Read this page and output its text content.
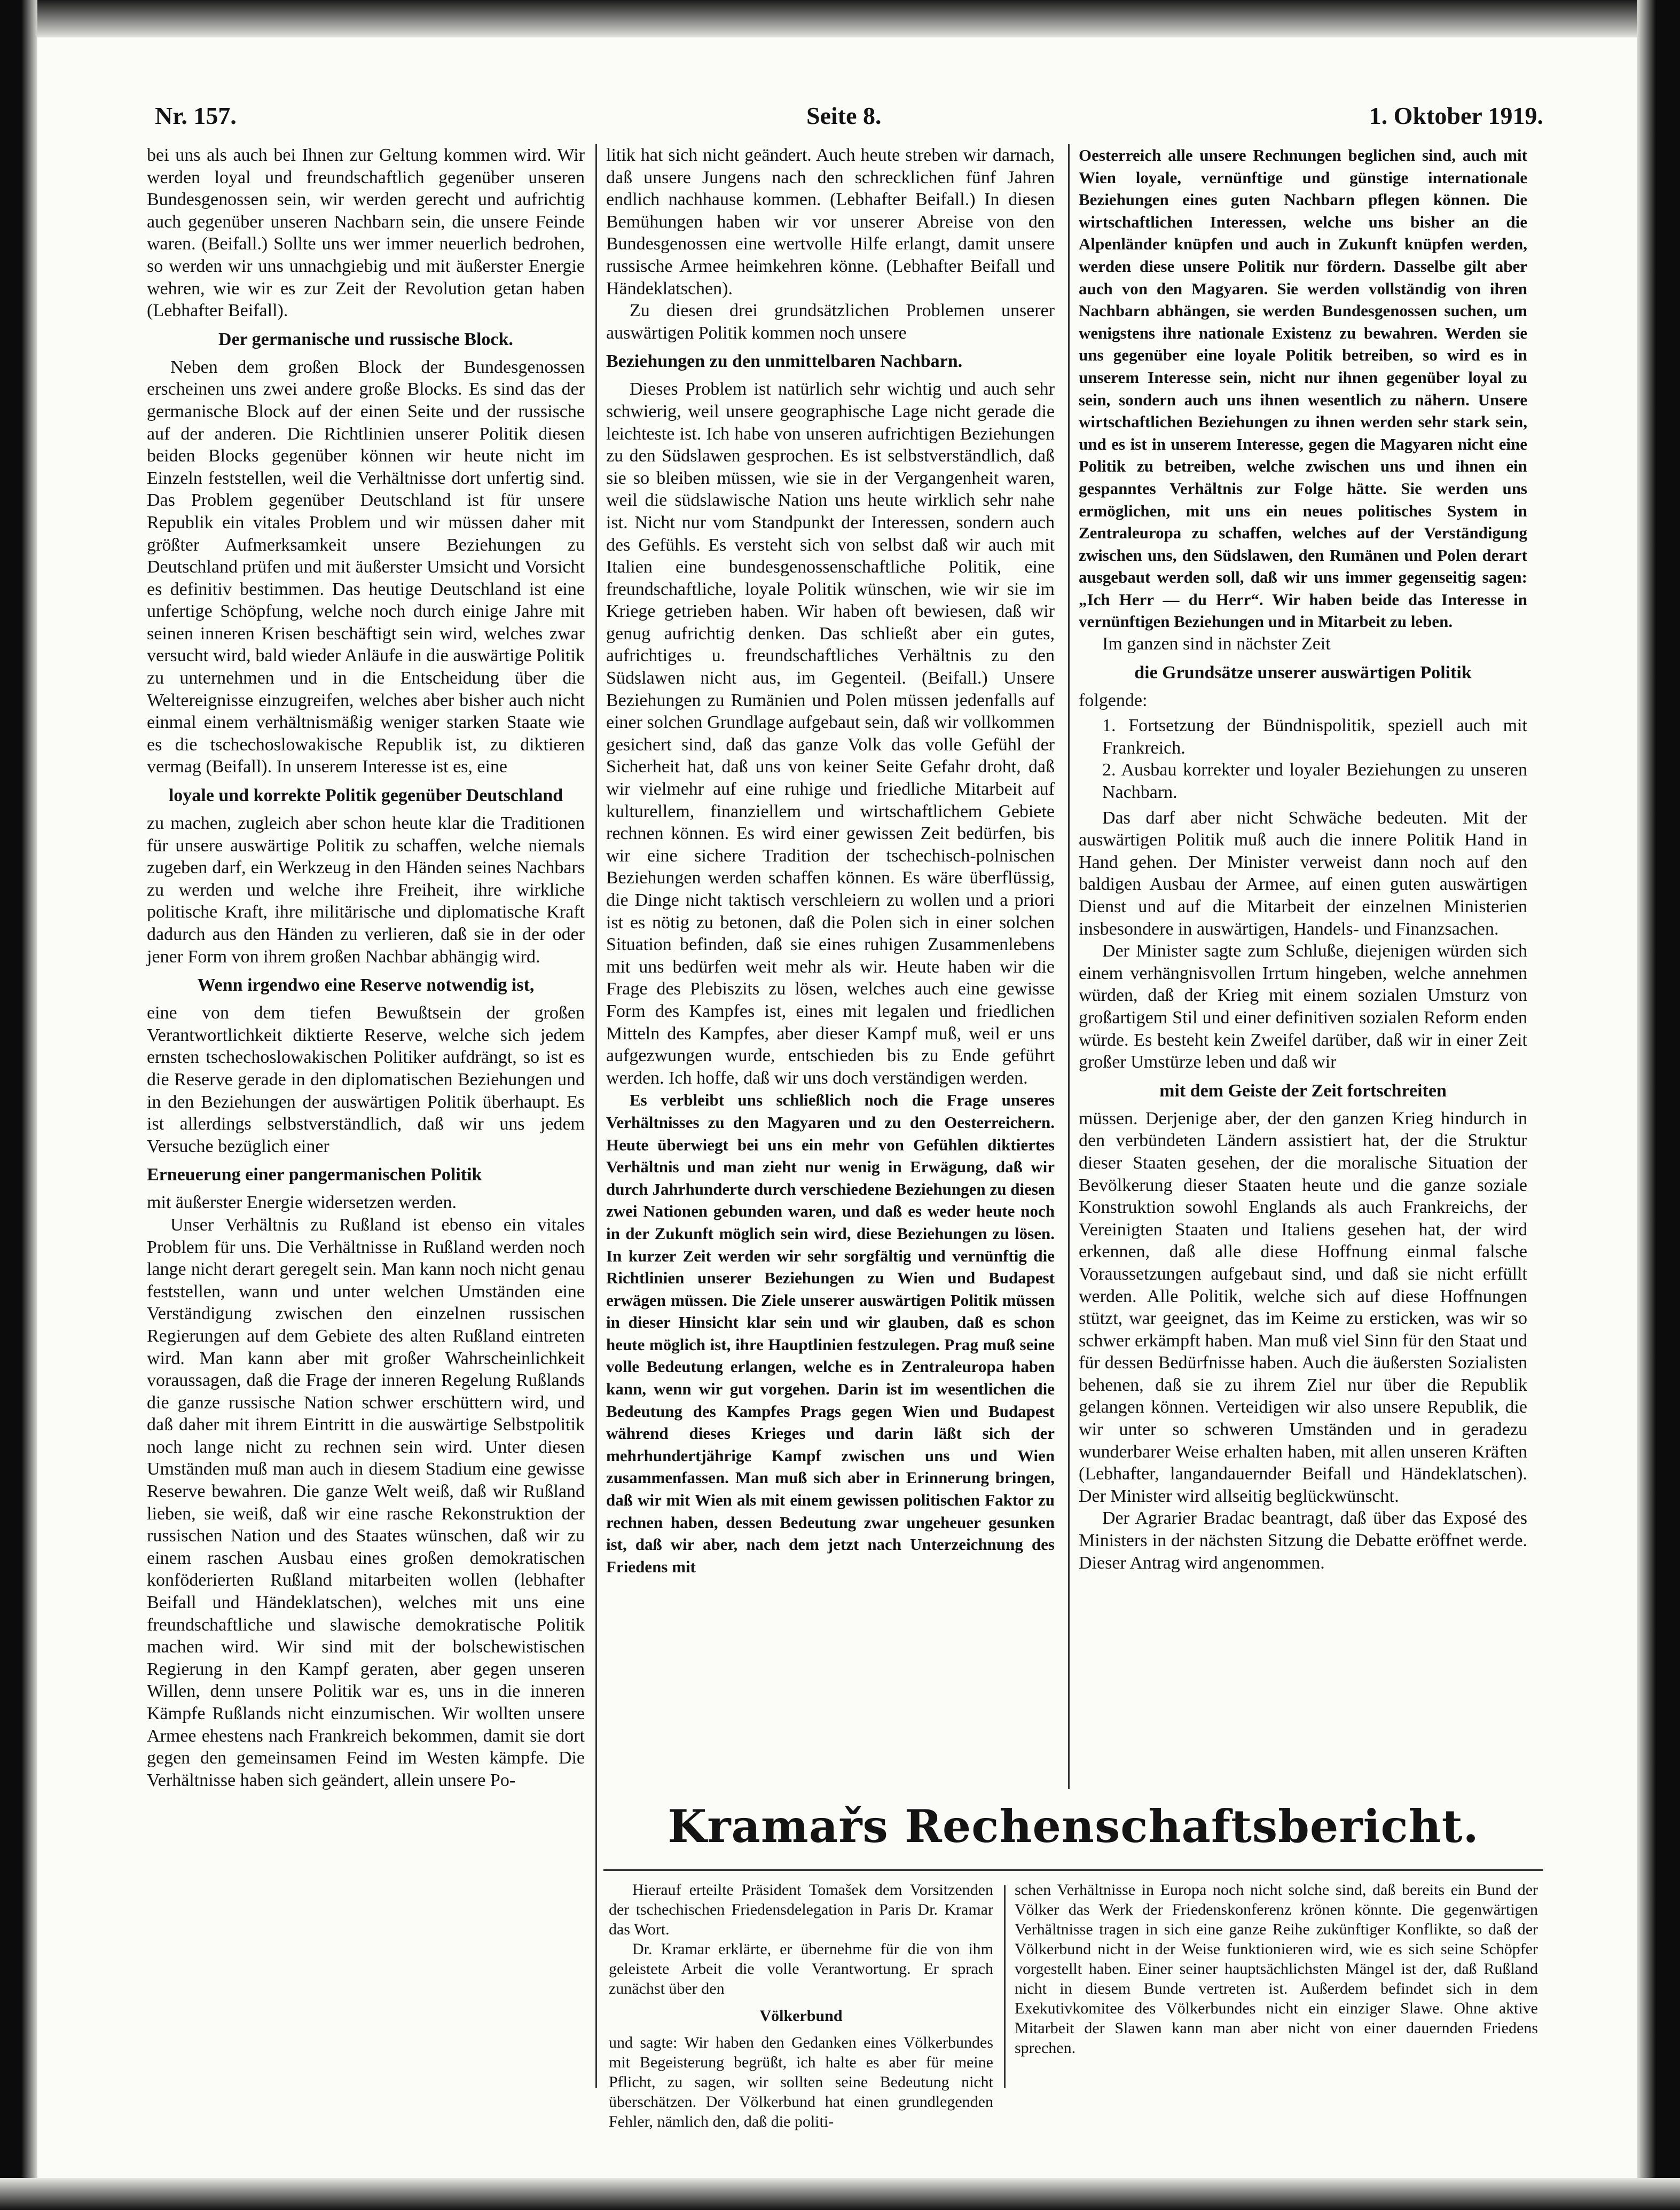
Nr. 157.	Seite 8.	1. Oktober 1919.

bei uns als auch bei Ihnen zur Geltung kommen wird. Wir werden loyal und freundschaftlich gegenüber unseren Bundesgenossen sein, wir werden gerecht und aufrichtig auch gegenüber unseren Nachbarn sein, die unsere Feinde waren. (Beifall.) Sollte uns wer immer neuerlich bedrohen, so werden wir uns unnachgiebig und mit äußerster Energie wehren, wie wir es zur Zeit der Revolution getan haben (Lebhafter Beifall).

Der germanische und russische Block.

Neben dem großen Block der Bundesgenossen erscheinen uns zwei andere große Blocks. Es sind das der germanische Block auf der einen Seite und der russische auf der anderen. Die Richtlinien unserer Politik diesen beiden Blocks gegenüber können wir heute nicht im Einzeln feststellen, weil die Verhältnisse dort unfertig sind. Das Problem gegenüber Deutschland ist für unsere Republik ein vitales Problem und wir müssen daher mit größter Aufmerksamkeit unsere Beziehungen zu Deutschland prüfen und mit äußerster Umsicht und Vorsicht es definitiv bestimmen. Das heutige Deutschland ist eine unfertige Schöpfung, welche noch durch einige Jahre mit seinen inneren Krisen beschäftigt sein wird, welches zwar versucht wird, bald wieder Anläufe in die auswärtige Politik zu unternehmen und in die Entscheidung über die Weltereignisse einzugreifen, welches aber bisher auch nicht einmal einem verhältnismäßig weniger starken Staate wie es die tschechoslowakische Republik ist, zu diktieren vermag (Beifall). In unserem Interesse ist es, eine

loyale und korrekte Politik gegenüber Deutschland

zu machen, zugleich aber schon heute klar die Traditionen für unsere auswärtige Politik zu schaffen, welche niemals zugeben darf, ein Werkzeug in den Händen seines Nachbars zu werden und welche ihre Freiheit, ihre wirkliche politische Kraft, ihre militärische und diplomatische Kraft dadurch aus den Händen zu verlieren, daß sie in der oder jener Form von ihrem großen Nachbar abhängig wird.

Wenn irgendwo eine Reserve notwendig ist,

eine von dem tiefen Bewußtsein der großen Verantwortlichkeit diktierte Reserve, welche sich jedem ernsten tschechoslowakischen Politiker aufdrängt, so ist es die Reserve gerade in den diplomatischen Beziehungen und in den Beziehungen der auswärtigen Politik überhaupt. Es ist allerdings selbstverständlich, daß wir uns jedem Versuche bezüglich einer

Erneuerung einer pangermanischen Politik

mit äußerster Energie widersetzen werden.

Unser Verhältnis zu Rußland ist ebenso ein vitales Problem für uns. Die Verhältnisse in Rußland werden noch lange nicht derart geregelt sein. Man kann noch nicht genau feststellen, wann und unter welchen Umständen eine Verständigung zwischen den einzelnen russischen Regierungen auf dem Gebiete des alten Rußland eintreten wird. Man kann aber mit großer Wahrscheinlichkeit voraussagen, daß die Frage der inneren Regelung Rußlands die ganze russische Nation schwer erschüttern wird, und daß daher mit ihrem Eintritt in die auswärtige Selbstpolitik noch lange nicht zu rechnen sein wird. Unter diesen Umständen muß man auch in diesem Stadium eine gewisse Reserve bewahren. Die ganze Welt weiß, daß wir Rußland lieben, sie weiß, daß wir eine rasche Rekonstruktion der russischen Nation und des Staates wünschen, daß wir zu einem raschen Ausbau eines großen demokratischen konföderierten Rußland mitarbeiten wollen (lebhafter Beifall und Händeklatschen), welches mit uns eine freundschaftliche und slawische demokratische Politik machen wird. Wir sind mit der bolschewistischen Regierung in den Kampf geraten, aber gegen unseren Willen, denn unsere Politik war es, uns in die inneren Kämpfe Rußlands nicht einzumischen. Wir wollten unsere Armee ehestens nach Frankreich bekommen, damit sie dort gegen den gemeinsamen Feind im Westen kämpfe. Die Verhältnisse haben sich geändert, allein unsere Po-

litik hat sich nicht geändert. Auch heute streben wir darnach, daß unsere Jungens nach den schrecklichen fünf Jahren endlich nachhause kommen. (Lebhafter Beifall.) In diesen Bemühungen haben wir vor unserer Abreise von den Bundesgenossen eine wertvolle Hilfe erlangt, damit unsere russische Armee heimkehren könne. (Lebhafter Beifall und Händeklatschen).

Zu diesen drei grundsätzlichen Problemen unserer auswärtigen Politik kommen noch unsere

Beziehungen zu den unmittelbaren Nachbarn.

Dieses Problem ist natürlich sehr wichtig und auch sehr schwierig, weil unsere geographische Lage nicht gerade die leichteste ist. Ich habe von unseren aufrichtigen Beziehungen zu den Südslawen gesprochen. Es ist selbstverständlich, daß sie so bleiben müssen, wie sie in der Vergangenheit waren, weil die südslawische Nation uns heute wirklich sehr nahe ist. Nicht nur vom Standpunkt der Interessen, sondern auch des Gefühls. Es versteht sich von selbst daß wir auch mit Italien eine bundesgenossenschaftliche Politik, eine freundschaftliche, loyale Politik wünschen, wie wir sie im Kriege getrieben haben. Wir haben oft bewiesen, daß wir genug aufrichtig denken. Das schließt aber ein gutes, aufrichtiges u. freundschaftliches Verhältnis zu den Südslawen nicht aus, im Gegenteil. (Beifall.) Unsere Beziehungen zu Rumänien und Polen müssen jedenfalls auf einer solchen Grundlage aufgebaut sein, daß wir vollkommen gesichert sind, daß das ganze Volk das volle Gefühl der Sicherheit hat, daß uns von keiner Seite Gefahr droht, daß wir vielmehr auf eine ruhige und friedliche Mitarbeit auf kulturellem, finanziellem und wirtschaftlichem Gebiete rechnen können. Es wird einer gewissen Zeit bedürfen, bis wir eine sichere Tradition der tschechisch-polnischen Beziehungen werden schaffen können. Es wäre überflüssig, die Dinge nicht taktisch verschleiern zu wollen und a priori ist es nötig zu betonen, daß die Polen sich in einer solchen Situation befinden, daß sie eines ruhigen Zusammenlebens mit uns bedürfen weit mehr als wir. Heute haben wir die Frage des Plebiszits zu lösen, welches auch eine gewisse Form des Kampfes ist, eines mit legalen und friedlichen Mitteln des Kampfes, aber dieser Kampf muß, weil er uns aufgezwungen wurde, entschieden bis zu Ende geführt werden. Ich hoffe, daß wir uns doch verständigen werden.

Es verbleibt uns schließlich noch die Frage unseres Verhältnisses zu den Magyaren und zu den Oesterreichern. Heute überwiegt bei uns ein mehr von Gefühlen diktiertes Verhältnis und man zieht nur wenig in Erwägung, daß wir durch Jahrhunderte durch verschiedene Beziehungen zu diesen zwei Nationen gebunden waren, und daß es weder heute noch in der Zukunft möglich sein wird, diese Beziehungen zu lösen. In kurzer Zeit werden wir sehr sorgfältig und vernünftig die Richtlinien unserer Beziehungen zu Wien und Budapest erwägen müssen. Die Ziele unserer auswärtigen Politik müssen in dieser Hinsicht klar sein und wir glauben, daß es schon heute möglich ist, ihre Hauptlinien festzulegen. Prag muß seine volle Bedeutung erlangen, welche es in Zentraleuropa haben kann, wenn wir gut vorgehen. Darin ist im wesentlichen die Bedeutung des Kampfes Prags gegen Wien und Budapest während dieses Krieges und darin läßt sich der mehrhundertjährige Kampf zwischen uns und Wien zusammenfassen. Man muß sich aber in Erinnerung bringen, daß wir mit Wien als mit einem gewissen politischen Faktor zu rechnen haben, dessen Bedeutung zwar ungeheuer gesunken ist, daß wir aber, nach dem jetzt nach Unterzeichnung des Friedens mit

Oesterreich alle unsere Rechnungen beglichen sind, auch mit Wien loyale, vernünftige und günstige internationale Beziehungen eines guten Nachbarn pflegen können. Die wirtschaftlichen Interessen, welche uns bisher an die Alpenländer knüpfen und auch in Zukunft knüpfen werden, werden diese unsere Politik nur fördern. Dasselbe gilt aber auch von den Magyaren. Sie werden vollständig von ihren Nachbarn abhängen, sie werden Bundesgenossen suchen, um wenigstens ihre nationale Existenz zu bewahren. Werden sie uns gegenüber eine loyale Politik betreiben, so wird es in unserem Interesse sein, nicht nur ihnen gegenüber loyal zu sein, sondern auch uns ihnen wesentlich zu nähern. Unsere wirtschaftlichen Beziehungen zu ihnen werden sehr stark sein, und es ist in unserem Interesse, gegen die Magyaren nicht eine Politik zu betreiben, welche zwischen uns und ihnen ein gespanntes Verhältnis zur Folge hätte. Sie werden uns ermöglichen, mit uns ein neues politisches System in Zentraleuropa zu schaffen, welches auf der Verständigung zwischen uns, den Südslawen, den Rumänen und Polen derart ausgebaut werden soll, daß wir uns immer gegenseitig sagen: „Ich Herr — du Herr“. Wir haben beide das Interesse in vernünftigen Beziehungen und in Mitarbeit zu leben.

Im ganzen sind in nächster Zeit

die Grundsätze unserer auswärtigen Politik

folgende:

1. Fortsetzung der Bündnispolitik, speziell auch mit Frankreich.
2. Ausbau korrekter und loyaler Beziehungen zu unseren Nachbarn.

Das darf aber nicht Schwäche bedeuten. Mit der auswärtigen Politik muß auch die innere Politik Hand in Hand gehen. Der Minister verweist dann noch auf den baldigen Ausbau der Armee, auf einen guten auswärtigen Dienst und auf die Mitarbeit der einzelnen Ministerien insbesondere in auswärtigen, Handels- und Finanzsachen.

Der Minister sagte zum Schluße, diejenigen würden sich einem verhängnisvollen Irrtum hingeben, welche annehmen würden, daß der Krieg mit einem sozialen Umsturz von großartigem Stil und einer definitiven sozialen Reform enden würde. Es besteht kein Zweifel darüber, daß wir in einer Zeit großer Umstürze leben und daß wir

mit dem Geiste der Zeit fortschreiten

müssen. Derjenige aber, der den ganzen Krieg hindurch in den verbündeten Ländern assistiert hat, der die Struktur dieser Staaten gesehen, der die moralische Situation der Bevölkerung dieser Staaten heute und die ganze soziale Konstruktion sowohl Englands als auch Frankreichs, der Vereinigten Staaten und Italiens gesehen hat, der wird erkennen, daß alle diese Hoffnung einmal falsche Voraussetzungen aufgebaut sind, und daß sie nicht erfüllt werden. Alle Politik, welche sich auf diese Hoffnungen stützt, war geeignet, das im Keime zu ersticken, was wir so schwer erkämpft haben. Man muß viel Sinn für den Staat und für dessen Bedürfnisse haben. Auch die äußersten Sozialisten behenen, daß sie zu ihrem Ziel nur über die Republik gelangen können. Verteidigen wir also unsere Republik, die wir unter so schweren Umständen und in geradezu wunderbarer Weise erhalten haben, mit allen unseren Kräften (Lebhafter, langandauernder Beifall und Händeklatschen). Der Minister wird allseitig beglückwünscht.

Der Agrarier Bradac beantragt, daß über das Exposé des Ministers in der nächsten Sitzung die Debatte eröffnet werde. Dieser Antrag wird angenommen.

Kramařs Rechenschaftsbericht.

Hierauf erteilte Präsident Tomašek dem Vorsitzenden der tschechischen Friedensdelegation in Paris Dr. Kramar das Wort.

Dr. Kramar erklärte, er übernehme für die von ihm geleistete Arbeit die volle Verantwortung. Er sprach zunächst über den

Völkerbund

und sagte: Wir haben den Gedanken eines Völkerbundes mit Begeisterung begrüßt, ich halte es aber für meine Pflicht, zu sagen, wir sollten seine Bedeutung nicht überschätzen. Der Völkerbund hat einen grundlegenden Fehler, nämlich den, daß die politi-

schen Verhältnisse in Europa noch nicht solche sind, daß bereits ein Bund der Völker das Werk der Friedenskonferenz krönen könnte. Die gegenwärtigen Verhältnisse tragen in sich eine ganze Reihe zukünftiger Konflikte, so daß der Völkerbund nicht in der Weise funktionieren wird, wie es sich seine Schöpfer vorgestellt haben. Einer seiner hauptsächlichsten Mängel ist der, daß Rußland nicht in diesem Bunde vertreten ist. Außerdem befindet sich in dem Exekutivkomitee des Völkerbundes nicht ein einziger Slawe. Ohne aktive Mitarbeit der Slawen kann man aber nicht von einer dauernden Friedens sprechen.
